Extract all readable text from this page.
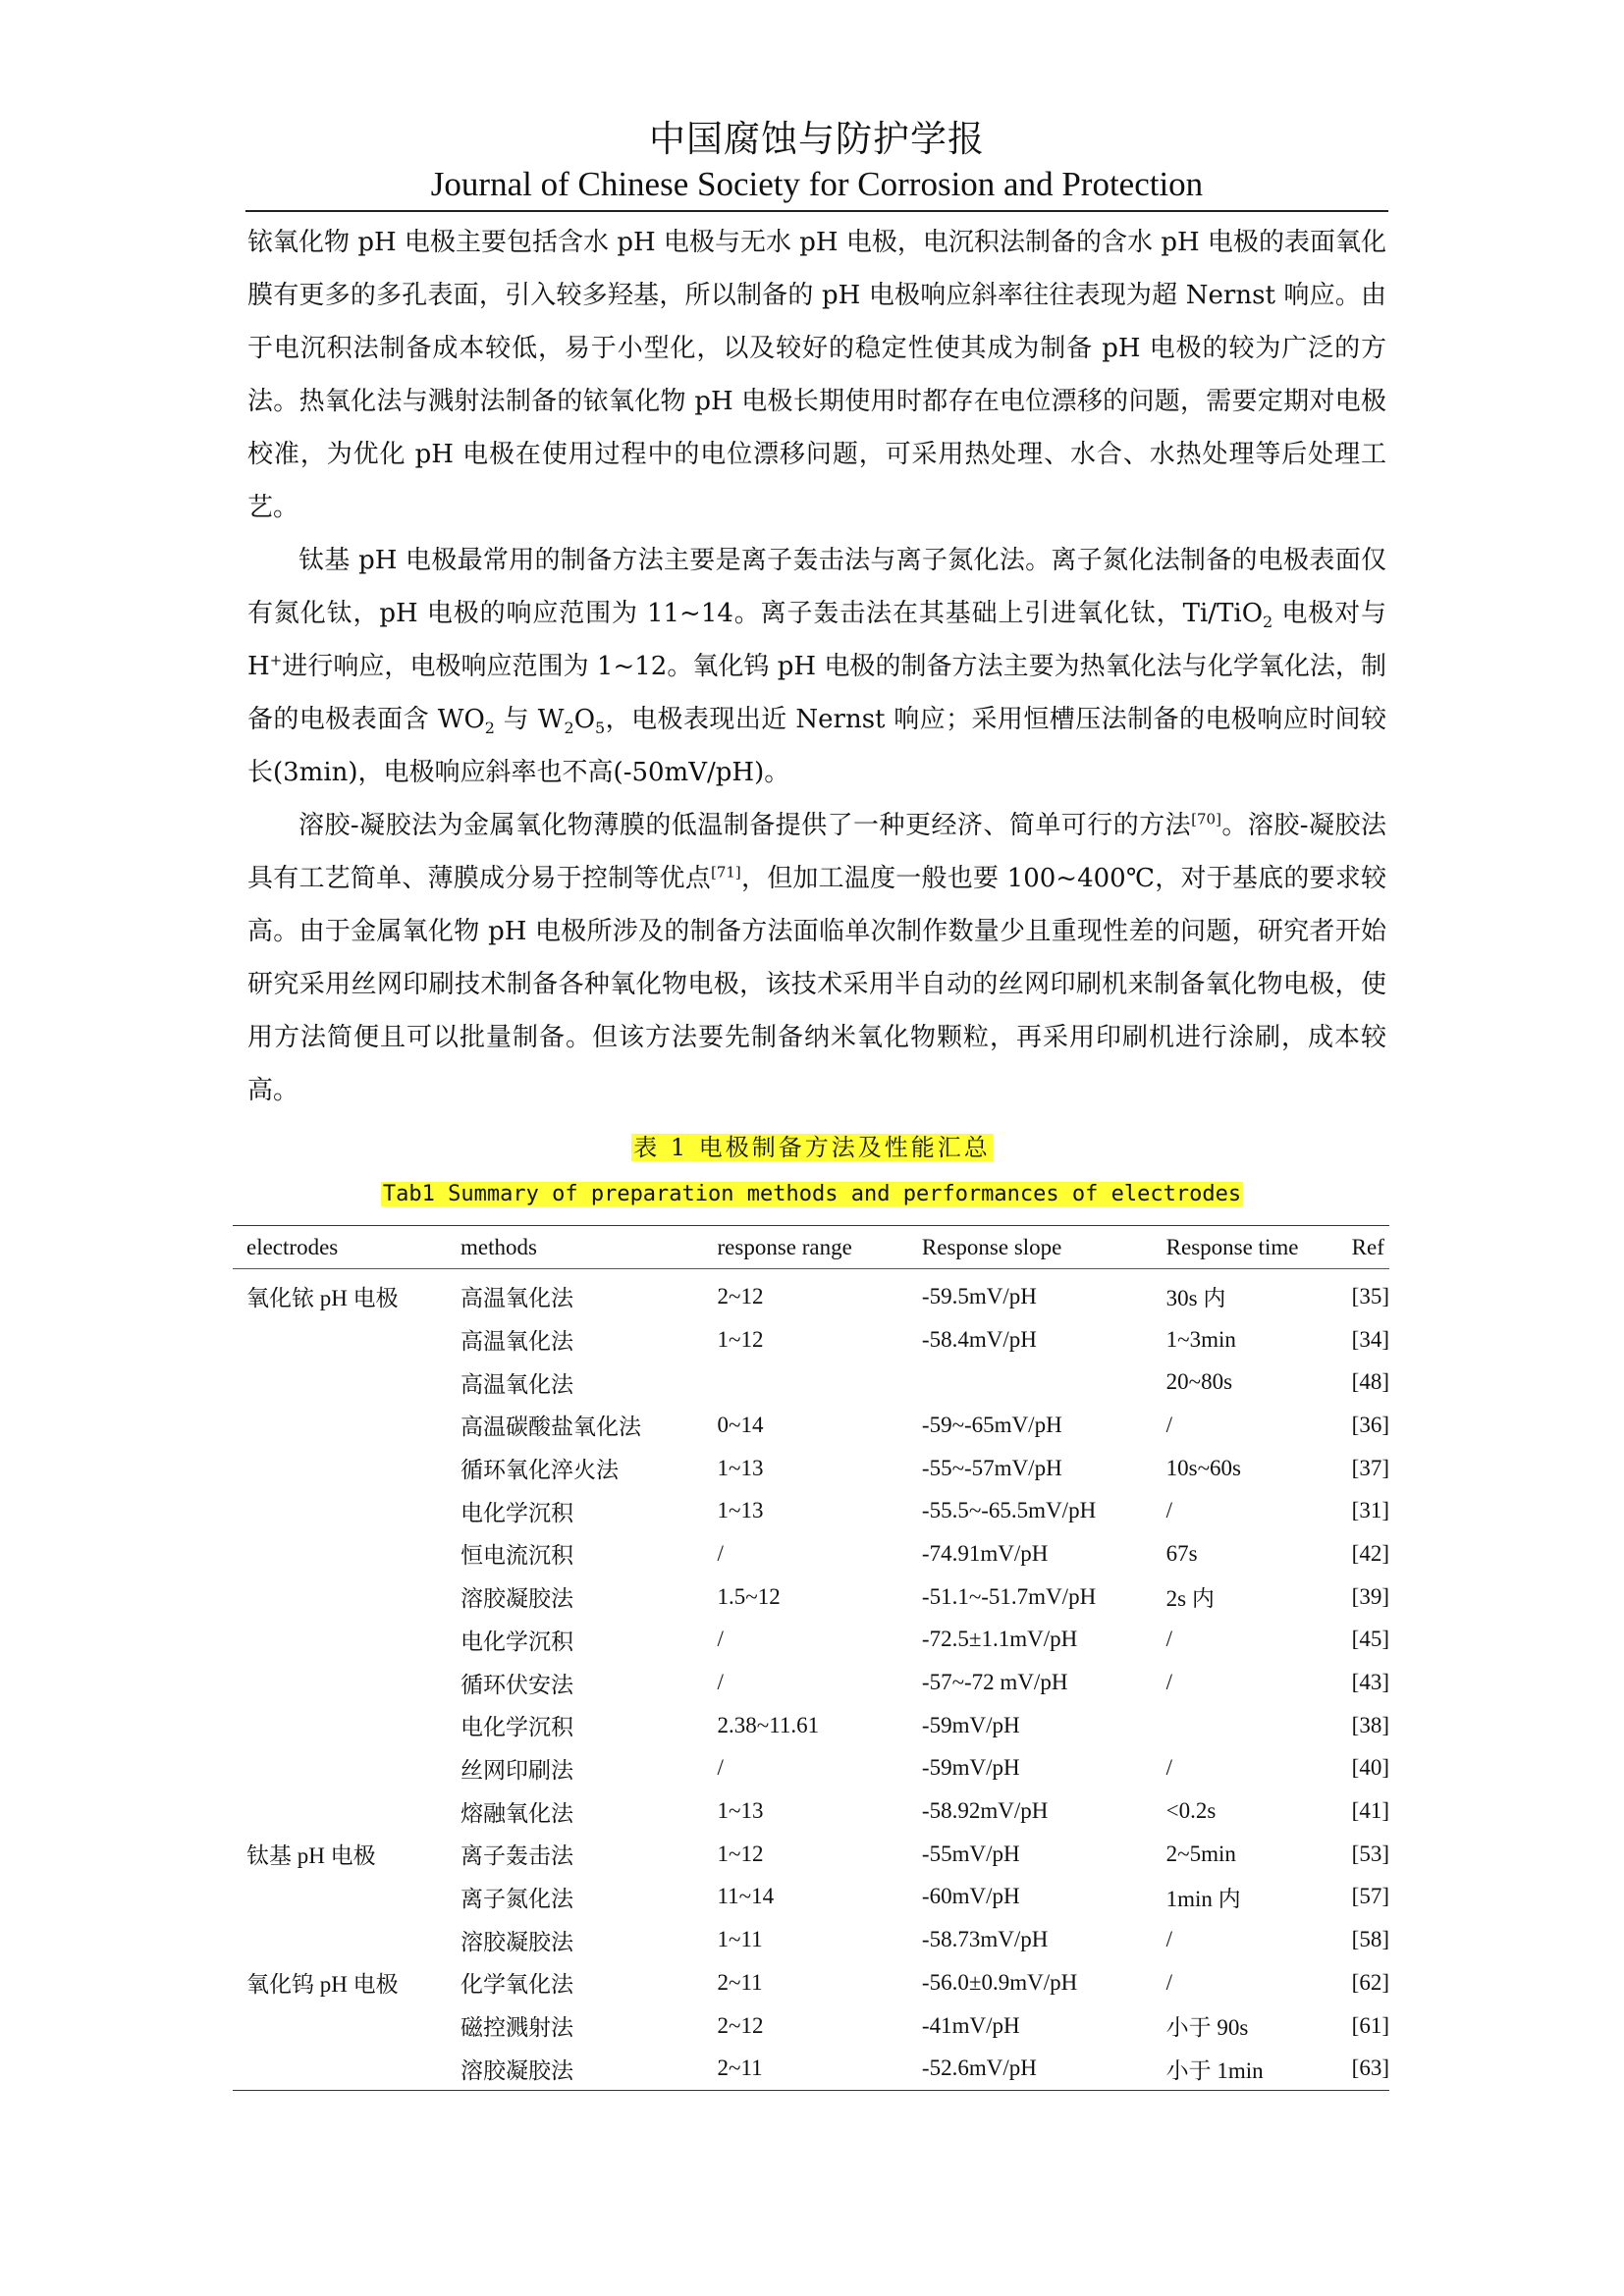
中国腐蚀与防护学报
Journal of Chinese Society for Corrosion and Protection

铱氧化物 pH 电极主要包括含水 pH 电极与无水 pH 电极，电沉积法制备的含水 pH 电极的表面氧化膜有更多的多孔表面，引入较多羟基，所以制备的 pH 电极响应斜率往往表现为超 Nernst 响应。由于电沉积法制备成本较低，易于小型化，以及较好的稳定性使其成为制备 pH 电极的较为广泛的方法。热氧化法与溅射法制备的铱氧化物 pH 电极长期使用时都存在电位漂移的问题，需要定期对电极校准，为优化 pH 电极在使用过程中的电位漂移问题，可采用热处理、水合、水热处理等后处理工艺。

钛基 pH 电极最常用的制备方法主要是离子轰击法与离子氮化法。离子氮化法制备的电极表面仅有氮化钛，pH 电极的响应范围为 11~14。离子轰击法在其基础上引进氧化钛，Ti/TiO$_2$ 电极对与H+进行响应，电极响应范围为 1~12。氧化钨 pH 电极的制备方法主要为热氧化法与化学氧化法，制备的电极表面含 $WO_2$ 与 $W_2O_5$，电极表现出近 Nernst 响应；采用恒槽压法制备的电极响应时间较长(3min)，电极响应斜率也不高(-50mV/pH)。

溶胶-凝胶法为金属氧化物薄膜的低温制备提供了一种更经济、简单可行的方法[70]。溶胶-凝胶法具有工艺简单、薄膜成分易于控制等优点[71]，但加工温度一般也要 100~400℃，对于基底的要求较高。由于金属氧化物 pH 电极所涉及的制备方法面临单次制作数量少且重现性差的问题，研究者开始研究采用丝网印刷技术制备各种氧化物电极，该技术采用半自动的丝网印刷机来制备氧化物电极，使用方法简便且可以批量制备。但该方法要先制备纳米氧化物颗粒，再采用印刷机进行涂刷，成本较高。

表 1 电极制备方法及性能汇总
Tab1 Summary of preparation methods and performances of electrodes
electrodes	methods	response range	Response slope	Response time	Ref
氧化铱 pH 电极	高温氧化法	2~12	-59.5mV/pH	30s 内	[35]
	高温氧化法	1~12	-58.4mV/pH	1~3min	[34]
	高温氧化法			20~80s	[48]
	高温碳酸盐氧化法	0~14	-59~-65mV/pH	/	[36]
	循环氧化淬火法	1~13	-55~-57mV/pH	10s~60s	[37]
	电化学沉积	1~13	-55.5~-65.5mV/pH	/	[31]
	恒电流沉积	/	-74.91mV/pH	67s	[42]
	溶胶凝胶法	1.5~12	-51.1~-51.7mV/pH	2s 内	[39]
	电化学沉积	/	-72.5±1.1mV/pH	/	[45]
	循环伏安法	/	-57~-72 mV/pH	/	[43]
	电化学沉积	2.38~11.61	-59mV/pH		[38]
	丝网印刷法	/	-59mV/pH	/	[40]
	熔融氧化法	1~13	-58.92mV/pH	<0.2s	[41]
钛基 pH 电极	离子轰击法	1~12	-55mV/pH	2~5min	[53]
	离子氮化法	11~14	-60mV/pH	1min 内	[57]
	溶胶凝胶法	1~11	-58.73mV/pH	/	[58]
氧化钨 pH 电极	化学氧化法	2~11	-56.0±0.9mV/pH	/	[62]
	磁控溅射法	2~12	-41mV/pH	小于 90s	[61]
	溶胶凝胶法	2~11	-52.6mV/pH	小于 1min	[63]
